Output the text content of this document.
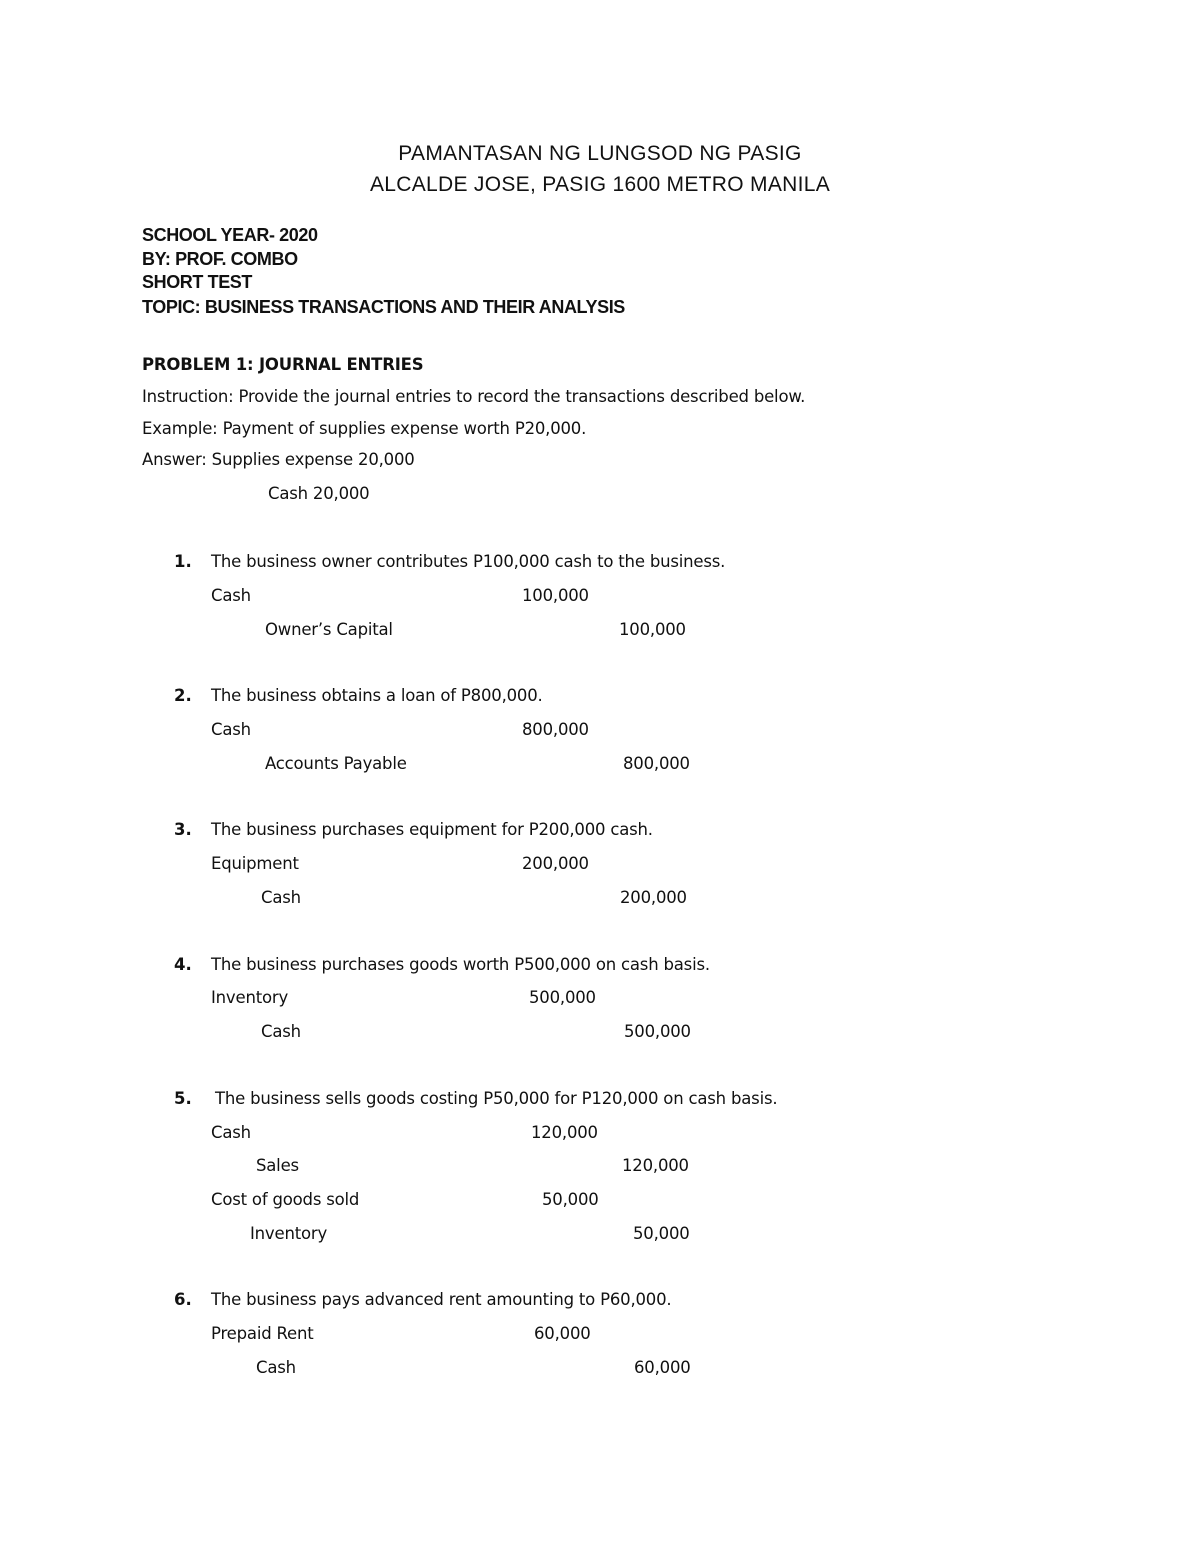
PAMANTASAN NG LUNGSOD NG PASIG
ALCALDE JOSE, PASIG 1600 METRO MANILA
SCHOOL YEAR- 2020
BY: PROF. COMBO
SHORT TEST
TOPIC: BUSINESS TRANSACTIONS AND THEIR ANALYSIS
PROBLEM 1: JOURNAL ENTRIES
Instruction: Provide the journal entries to record the transactions described below.
Example: Payment of supplies expense worth P20,000.
Answer: Supplies expense 20,000
Cash 20,000
1. The business owner contributes P100,000 cash to the business.
Cash	100,000
Owner’s Capital	100,000
2. The business obtains a loan of P800,000.
Cash	800,000
Accounts Payable	800,000
3. The business purchases equipment for P200,000 cash.
Equipment	200,000
Cash	200,000
4. The business purchases goods worth P500,000 on cash basis.
Inventory	500,000
Cash	500,000
5. The business sells goods costing P50,000 for P120,000 on cash basis.
Cash	120,000
Sales	120,000
Cost of goods sold	50,000
Inventory	50,000
6. The business pays advanced rent amounting to P60,000.
Prepaid Rent	60,000
Cash	60,000
